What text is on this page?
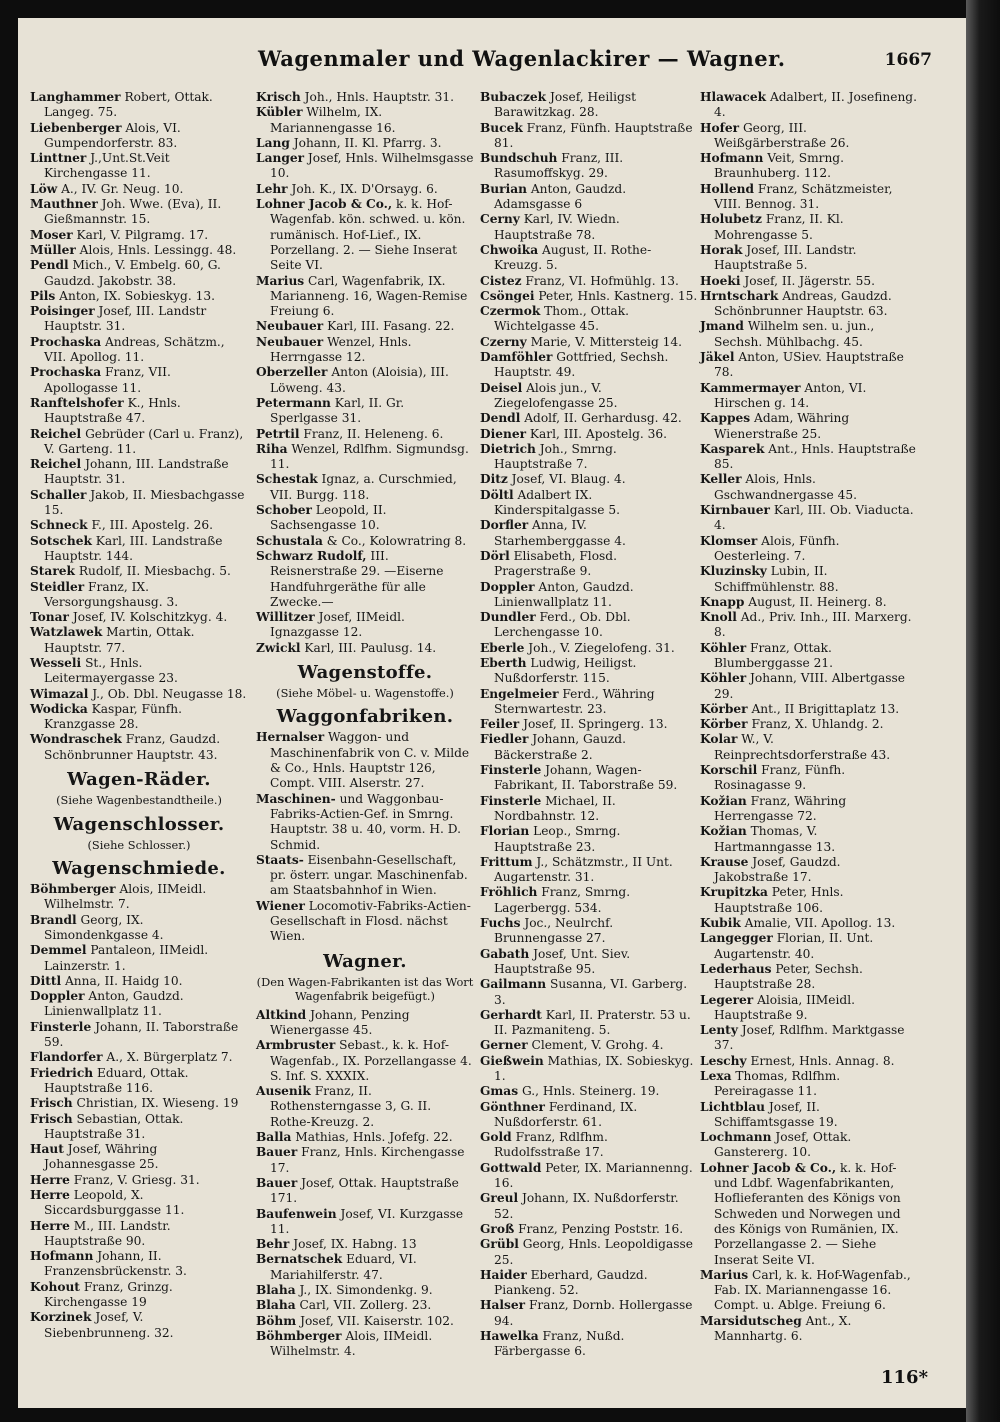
Wagenmaler und Wagenlackirer — Wagner.	1667

Langhammer Robert, Ottak. Langeg. 75.

Liebenberger Alois, VI. Gumpendorferstr. 83.

Linttner J.,Unt.St.Veit Kirchengasse 11.

Löw A., IV. Gr. Neug. 10.

Mauthner Joh. Wwe. (Eva), II. Gießmannstr. 15.

Moser Karl, V. Pilgramg. 17.

Müller Alois, Hnls. Lessingg. 48.

Pendl Mich., V. Embelg. 60, G. Gaudzd. Jakobstr. 38.

Pils Anton, IX. Sobieskyg. 13.

Poisinger Josef, III. Landstr Hauptstr. 31.

Prochaska Andreas, Schätzm., VII. Apollog. 11.

Prochaska Franz, VII. Apollogasse 11.

Ranftelshofer K., Hnls. Hauptstraße 47.

Reichel Gebrüder (Carl u. Franz), V. Garteng. 11.

Reichel Johann, III. Landstraße Hauptstr. 31.

Schaller Jakob, II. Miesbachgasse 15.

Schneck F., III. Apostelg. 26.

Sotschek Karl, III. Landstraße Hauptstr. 144.

Starek Rudolf, II. Miesbachg. 5.

Steidler Franz, IX. Versorgungshausg. 3.

Tonar Josef, IV. Kolschitzkyg. 4.

Watzlawek Martin, Ottak. Hauptstr. 77.

Wesseli St., Hnls. Leitermayergasse 23.

Wimazal J., Ob. Dbl. Neugasse 18.

Wodicka Kaspar, Fünfh. Kranzgasse 28.

Wondraschek Franz, Gaudzd. Schönbrunner Hauptstr. 43.

Wagen-Räder.
(Siehe Wagenbestandtheile.)
Wagenschlosser.
(Siehe Schlosser.)
Wagenschmiede.

Böhmberger Alois, IIMeidl. Wilhelmstr. 7.

Brandl Georg, IX. Simondenkgasse 4.

Demmel Pantaleon, IIMeidl. Lainzerstr. 1.

Dittl Anna, II. Haidg 10.

Doppler Anton, Gaudzd. Linienwallplatz 11.

Finsterle Johann, II. Taborstraße 59.

Flandorfer A., X. Bürgerplatz 7.

Friedrich Eduard, Ottak. Hauptstraße 116.

Frisch Christian, IX. Wieseng. 19

Frisch Sebastian, Ottak. Hauptstraße 31.

Haut Josef, Währing Johannesgasse 25.

Herre Franz, V. Griesg. 31.

Herre Leopold, X. Siccardsburggasse 11.

Herre M., III. Landstr. Hauptstraße 90.

Hofmann Johann, II. Franzensbrückenstr. 3.

Kohout Franz, Grinzg. Kirchengasse 19

Korzinek Josef, V. Siebenbrunneng. 32.

Krisch Joh., Hnls. Hauptstr. 31.

Kübler Wilhelm, IX. Mariannengasse 16.

Lang Johann, II. Kl. Pfarrg. 3.

Langer Josef, Hnls. Wilhelmsgasse 10.

Lehr Joh. K., IX. D'Orsayg. 6.

Lohner Jacob & Co., k. k. Hof-Wagenfab. kön. schwed. u. kön. rumänisch. Hof-Lief., IX. Porzellang. 2. — Siehe Inserat Seite VI.

Marius Carl, Wagenfabrik, IX. Marianneng. 16, Wagen-Remise Freiung 6.

Neubauer Karl, III. Fasang. 22.

Neubauer Wenzel, Hnls. Herrngasse 12.

Oberzeller Anton (Aloisia), III. Löweng. 43.

Petermann Karl, II. Gr. Sperlgasse 31.

Petrtil Franz, II. Heleneng. 6.

Riha Wenzel, Rdlfhm. Sigmundsg. 11.

Schestak Ignaz, a. Curschmied, VII. Burgg. 118.

Schober Leopold, II. Sachsengasse 10.

Schustala & Co., Kolowratring 8.

Schwarz Rudolf, III. Reisnerstraße 29. —Eiserne Handfuhrgeräthe für alle Zwecke.—

Willitzer Josef, IIMeidl. Ignazgasse 12.

Zwickl Karl, III. Paulusg. 14.

Wagenstoffe.
(Siehe Möbel- u. Wagenstoffe.)
Waggonfabriken.

Hernalser Waggon- und Maschinenfabrik von C. v. Milde & Co., Hnls. Hauptstr 126, Compt. VIII. Alserstr. 27.

Maschinen- und Waggonbau-Fabriks-Actien-Gef. in Smrng. Hauptstr. 38 u. 40, vorm. H. D. Schmid.

Staats- Eisenbahn-Gesellschaft, pr. österr. ungar. Maschinenfab. am Staatsbahnhof in Wien.

Wiener Locomotiv-Fabriks-Actien-Gesellschaft in Flosd. nächst Wien.

Wagner.
(Den Wagen-Fabrikanten ist das Wort Wagenfabrik beigefügt.)

Altkind Johann, Penzing Wienergasse 45.

Armbruster Sebast., k. k. Hof-Wagenfab., IX. Porzellangasse 4. S. Inf. S. XXXIX.

Ausenik Franz, II. Rothensterngasse 3, G. II. Rothe-Kreuzg. 2.

Balla Mathias, Hnls. Jofefg. 22.

Bauer Franz, Hnls. Kirchengasse 17.

Bauer Josef, Ottak. Hauptstraße 171.

Baufenwein Josef, VI. Kurzgasse 11.

Behr Josef, IX. Habng. 13

Bernatschek Eduard, VI. Mariahilferstr. 47.

Blaha J., IX. Simondenkg. 9.

Blaha Carl, VII. Zollerg. 23.

Böhm Josef, VII. Kaiserstr. 102.

Böhmberger Alois, IIMeidl. Wilhelmstr. 4.

Bubaczek Josef, Heiligst Barawitzkag. 28.

Bucek Franz, Fünfh. Hauptstraße 81.

Bundschuh Franz, III. Rasumoffskyg. 29.

Burian Anton, Gaudzd. Adamsgasse 6

Cerny Karl, IV. Wiedn. Hauptstraße 78.

Chwoika August, II. Rothe-Kreuzg. 5.

Cistez Franz, VI. Hofmühlg. 13.

Csöngei Peter, Hnls. Kastnerg. 15.

Czermok Thom., Ottak. Wichtelgasse 45.

Czerny Marie, V. Mittersteig 14.

Damföhler Gottfried, Sechsh. Hauptstr. 49.

Deisel Alois jun., V. Ziegelofengasse 25.

Dendl Adolf, II. Gerhardusg. 42.

Diener Karl, III. Apostelg. 36.

Dietrich Joh., Smrng. Hauptstraße 7.

Ditz Josef, VI. Blaug. 4.

Döltl Adalbert IX. Kinderspitalgasse 5.

Dorfler Anna, IV. Starhemberggasse 4.

Dörl Elisabeth, Flosd. Pragerstraße 9.

Doppler Anton, Gaudzd. Linienwallplatz 11.

Dundler Ferd., Ob. Dbl. Lerchengasse 10.

Eberle Joh., V. Ziegelofeng. 31.

Eberth Ludwig, Heiligst. Nußdorferstr. 115.

Engelmeier Ferd., Währing Sternwartestr. 23.

Feiler Josef, II. Springerg. 13.

Fiedler Johann, Gauzd. Bäckerstraße 2.

Finsterle Johann, Wagen-Fabrikant, II. Taborstraße 59.

Finsterle Michael, II. Nordbahnstr. 12.

Florian Leop., Smrng. Hauptstraße 23.

Frittum J., Schätzmstr., II Unt. Augartenstr. 31.

Fröhlich Franz, Smrng. Lagerbergg. 534.

Fuchs Joc., Neulrchf. Brunnengasse 27.

Gabath Josef, Unt. Siev. Hauptstraße 95.

Gailmann Susanna, VI. Garberg. 3.

Gerhardt Karl, II. Praterstr. 53 u. II. Pazmaniteng. 5.

Gerner Clement, V. Grohg. 4.

Gießwein Mathias, IX. Sobieskyg. 1.

Gmas G., Hnls. Steinerg. 19.

Gönthner Ferdinand, IX. Nußdorferstr. 61.

Gold Franz, Rdlfhm. Rudolfsstraße 17.

Gottwald Peter, IX. Mariannenng. 16.

Greul Johann, IX. Nußdorferstr. 52.

Groß Franz, Penzing Poststr. 16.

Grübl Georg, Hnls. Leopoldigasse 25.

Haider Eberhard, Gaudzd. Piankeng. 52.

Halser Franz, Dornb. Hollergasse 94.

Hawelka Franz, Nußd. Färbergasse 6.

Hlawacek Adalbert, II. Josefineng. 4.

Hofer Georg, III. Weißgärberstraße 26.

Hofmann Veit, Smrng. Braunhuberg. 112.

Hollend Franz, Schätzmeister, VIII. Bennog. 31.

Holubetz Franz, II. Kl. Mohrengasse 5.

Horak Josef, III. Landstr. Hauptstraße 5.

Hoeki Josef, II. Jägerstr. 55.

Hrntschark Andreas, Gaudzd. Schönbrunner Hauptstr. 63.

Jmand Wilhelm sen. u. jun., Sechsh. Mühlbachg. 45.

Jäkel Anton, USiev. Hauptstraße 78.

Kammermayer Anton, VI. Hirschen g. 14.

Kappes Adam, Währing Wienerstraße 25.

Kasparek Ant., Hnls. Hauptstraße 85.

Keller Alois, Hnls. Gschwandnergasse 45.

Kirnbauer Karl, III. Ob. Viaducta. 4.

Klomser Alois, Fünfh. Oesterleing. 7.

Kluzinsky Lubin, II. Schiffmühlenstr. 88.

Knapp August, II. Heinerg. 8.

Knoll Ad., Priv. Inh., III. Marxerg. 8.

Köhler Franz, Ottak. Blumberggasse 21.

Köhler Johann, VIII. Albertgasse 29.

Körber Ant., II Brigittaplatz 13.

Körber Franz, X. Uhlandg. 2.

Kolar W., V. Reinprechtsdorferstraße 43.

Korschil Franz, Fünfh. Rosinagasse 9.

Kožian Franz, Währing Herrengasse 72.

Kožian Thomas, V. Hartmanngasse 13.

Krause Josef, Gaudzd. Jakobstraße 17.

Krupitzka Peter, Hnls. Hauptstraße 106.

Kubik Amalie, VII. Apollog. 13.

Langegger Florian, II. Unt. Augartenstr. 40.

Lederhaus Peter, Sechsh. Hauptstraße 28.

Legerer Aloisia, IIMeidl. Hauptstraße 9.

Lenty Josef, Rdlfhm. Marktgasse 37.

Leschy Ernest, Hnls. Annag. 8.

Lexa Thomas, Rdlfhm. Pereiragasse 11.

Lichtblau Josef, II. Schiffamtsgasse 19.

Lochmann Josef, Ottak. Ganstererg. 10.

Lohner Jacob & Co., k. k. Hof- und Ldbf. Wagenfabrikanten, Hoflieferanten des Königs von Schweden und Norwegen und des Königs von Rumänien, IX. Porzellangasse 2. — Siehe Inserat Seite VI.

Marius Carl, k. k. Hof-Wagenfab., Fab. IX. Mariannengasse 16. Compt. u. Ablge. Freiung 6.

Marsidutscheg Ant., X. Mannhartg. 6.

116*
